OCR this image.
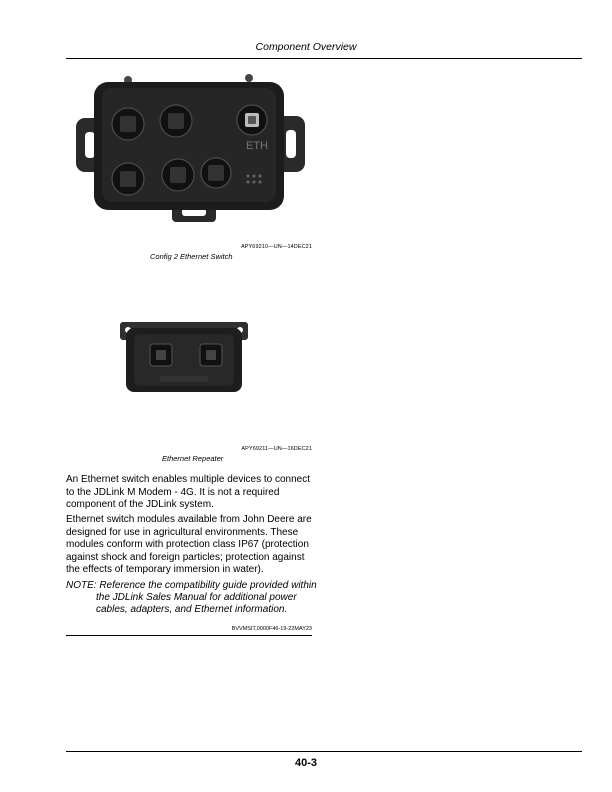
Component Overview
ETH
APY69210—UN—14DEC21
Config 2 Ethernet Switch
APY69211—UN—16DEC21
Ethernet Repeater
An Ethernet switch enables multiple devices to connect to the JDLink M Modem - 4G. It is not a required component of the JDLink system.
Ethernet switch modules available from John Deere are designed for use in agricultural environments. These modules conform with protection class IP67 (protection against shock and foreign particles; protection against the effects of temporary immersion in water).
NOTE: Reference the compatibility guide provided within the JDLink Sales Manual for additional power cables, adapters, and Ethernet information.
BVVMSIT,0000F46-19-22MAY23
40-3
